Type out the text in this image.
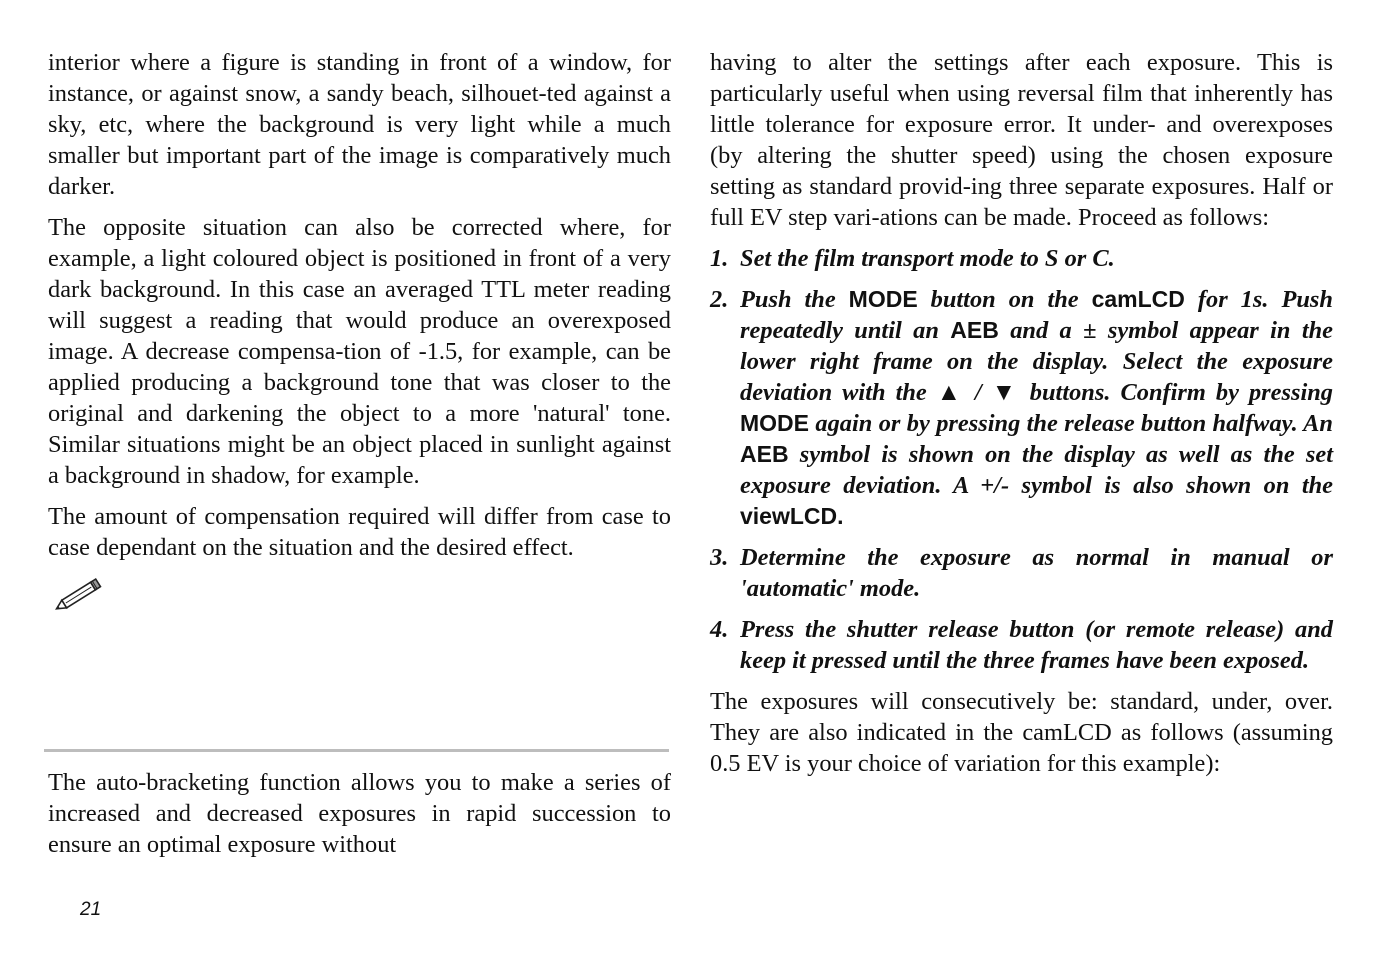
interior where a figure is standing in front of a window, for instance, or against snow, a sandy beach, silhouet-ted against a sky, etc, where the background is very light while a much smaller but important part of the image is comparatively much darker.

The opposite situation can also be corrected where, for example, a light coloured object is positioned in front of a very dark background. In this case an averaged TTL meter reading will suggest a reading that would produce an overexposed image. A decrease compensa-tion of -1.5, for example, can be applied producing a background tone that was closer to the original and darkening the object to a more 'natural' tone. Similar situations might be an object placed in sunlight against a background in shadow, for example.

The amount of compensation required will differ from case to case dependant on the situation and the desired effect.

The auto-bracketing function allows you to make a series of increased and decreased exposures in rapid succession to ensure an optimal exposure without

having to alter the settings after each exposure. This is particularly useful when using reversal film that inherently has little tolerance for exposure error. It under- and overexposes (by altering the shutter speed) using the chosen exposure setting as standard provid-ing three separate exposures. Half or full EV step vari-ations can be made. Proceed as follows:

1. Set the film transport mode to S or C.
2. Push the MODE button on the camLCD for 1s. Push repeatedly until an AEB and a ± symbol appear in the lower right frame on the display. Select the exposure deviation with the ▲ / ▼ buttons. Confirm by pressing MODE again or by pressing the release button halfway. An AEB symbol is shown on the display as well as the set exposure deviation. A +/- symbol is also shown on the viewLCD.
3. Determine the exposure as normal in manual or 'automatic' mode.
4. Press the shutter release button (or remote release) and keep it pressed until the three frames have been exposed.

The exposures will consecutively be: standard, under, over. They are also indicated in the camLCD as follows (assuming 0.5 EV is your choice of variation for this example):

21
